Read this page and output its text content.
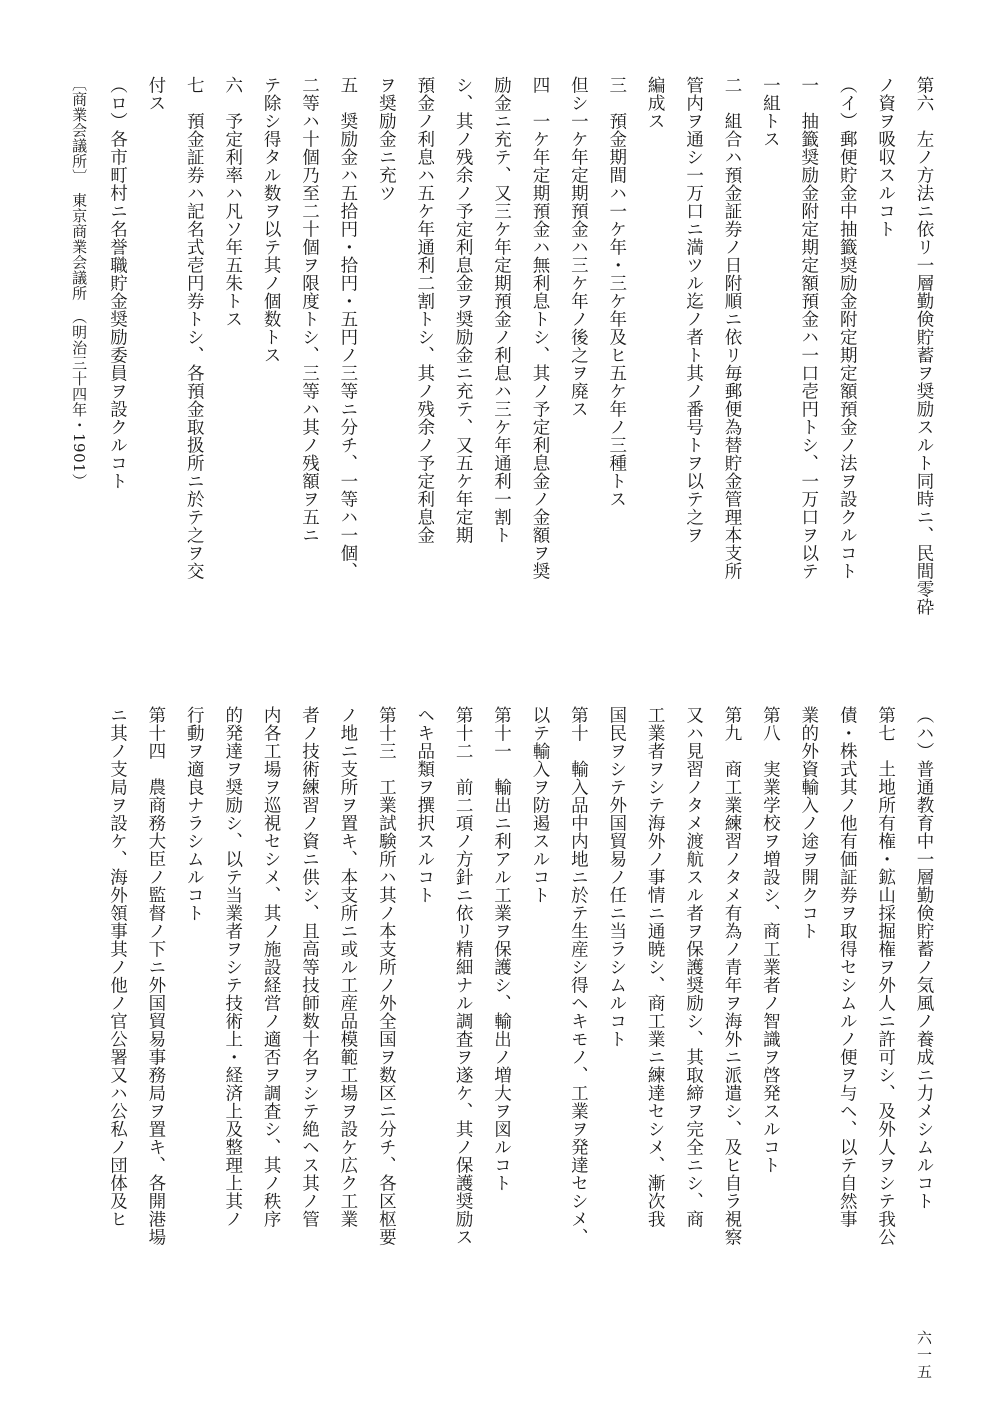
第六　左ノ方法ニ依リ一層勤倹貯蓄ヲ奨励スルト同時ニ、民間零砕
ノ資ヲ吸収スルコト
（イ）郵便貯金中抽籤奨励金附定期定額預金ノ法ヲ設クルコト
一　抽籤奨励金附定期定額預金ハ一口壱円トシ、一万口ヲ以テ
一組トス
二　組合ハ預金証券ノ日附順ニ依リ毎郵便為替貯金管理本支所
管内ヲ通シ一万口ニ満ツル迄ノ者ト其ノ番号トヲ以テ之ヲ
編成ス
三　預金期間ハ一ケ年・三ケ年及ヒ五ケ年ノ三種トス
但シ一ケ年定期預金ハ三ケ年ノ後之ヲ廃ス
四　一ケ年定期預金ハ無利息トシ、其ノ予定利息金ノ金額ヲ奨
励金ニ充テ、又三ケ年定期預金ノ利息ハ三ケ年通利一割ト
シ、其ノ残余ノ予定利息金ヲ奨励金ニ充テ、又五ケ年定期
預金ノ利息ハ五ケ年通利二割トシ、其ノ残余ノ予定利息金
ヲ奨励金ニ充ツ
五　奨励金ハ五拾円・拾円・五円ノ三等ニ分チ、一等ハ一個、
二等ハ十個乃至二十個ヲ限度トシ、三等ハ其ノ残額ヲ五ニ
テ除シ得タル数ヲ以テ其ノ個数トス
六　予定利率ハ凡ソ年五朱トス
七　預金証券ハ記名式壱円券トシ、各預金取扱所ニ於テ之ヲ交
付ス
（ロ）各市町村ニ名誉職貯金奨励委員ヲ設クルコト
〔商業会議所〕　東京商業会議所　（明治三十四年・1901）
（ハ）普通教育中一層勤倹貯蓄ノ気風ノ養成ニ力メシムルコト
第七　土地所有権・鉱山採掘権ヲ外人ニ許可シ、及外人ヲシテ我公
債・株式其ノ他有価証券ヲ取得セシムルノ便ヲ与ヘ、以テ自然事
業的外資輸入ノ途ヲ開クコト
第八　実業学校ヲ増設シ、商工業者ノ智識ヲ啓発スルコト
第九　商工業練習ノタメ有為ノ青年ヲ海外ニ派遣シ、及ヒ自ラ視察
又ハ見習ノタメ渡航スル者ヲ保護奨励シ、其取締ヲ完全ニシ、商
工業者ヲシテ海外ノ事情ニ通暁シ、商工業ニ練達セシメ、漸次我
国民ヲシテ外国貿易ノ任ニ当ラシムルコト
第十　輸入品中内地ニ於テ生産シ得ヘキモノ、工業ヲ発達セシメ、
以テ輸入ヲ防遏スルコト
第十一　輸出ニ利アル工業ヲ保護シ、輸出ノ増大ヲ図ルコト
第十二　前二項ノ方針ニ依リ精細ナル調査ヲ遂ケ、其ノ保護奨励ス
ヘキ品類ヲ撰択スルコト
第十三　工業試験所ハ其ノ本支所ノ外全国ヲ数区ニ分チ、各区枢要
ノ地ニ支所ヲ置キ、本支所ニ或ル工産品模範工場ヲ設ケ広ク工業
者ノ技術練習ノ資ニ供シ、且高等技師数十名ヲシテ絶ヘス其ノ管
内各工場ヲ巡視セシメ、其ノ施設経営ノ適否ヲ調査シ、其ノ秩序
的発達ヲ奨励シ、以テ当業者ヲシテ技術上・経済上及整理上其ノ
行動ヲ適良ナラシムルコト
第十四　農商務大臣ノ監督ノ下ニ外国貿易事務局ヲ置キ、各開港場
ニ其ノ支局ヲ設ケ、海外領事其ノ他ノ官公署又ハ公私ノ団体及ヒ
六一五
